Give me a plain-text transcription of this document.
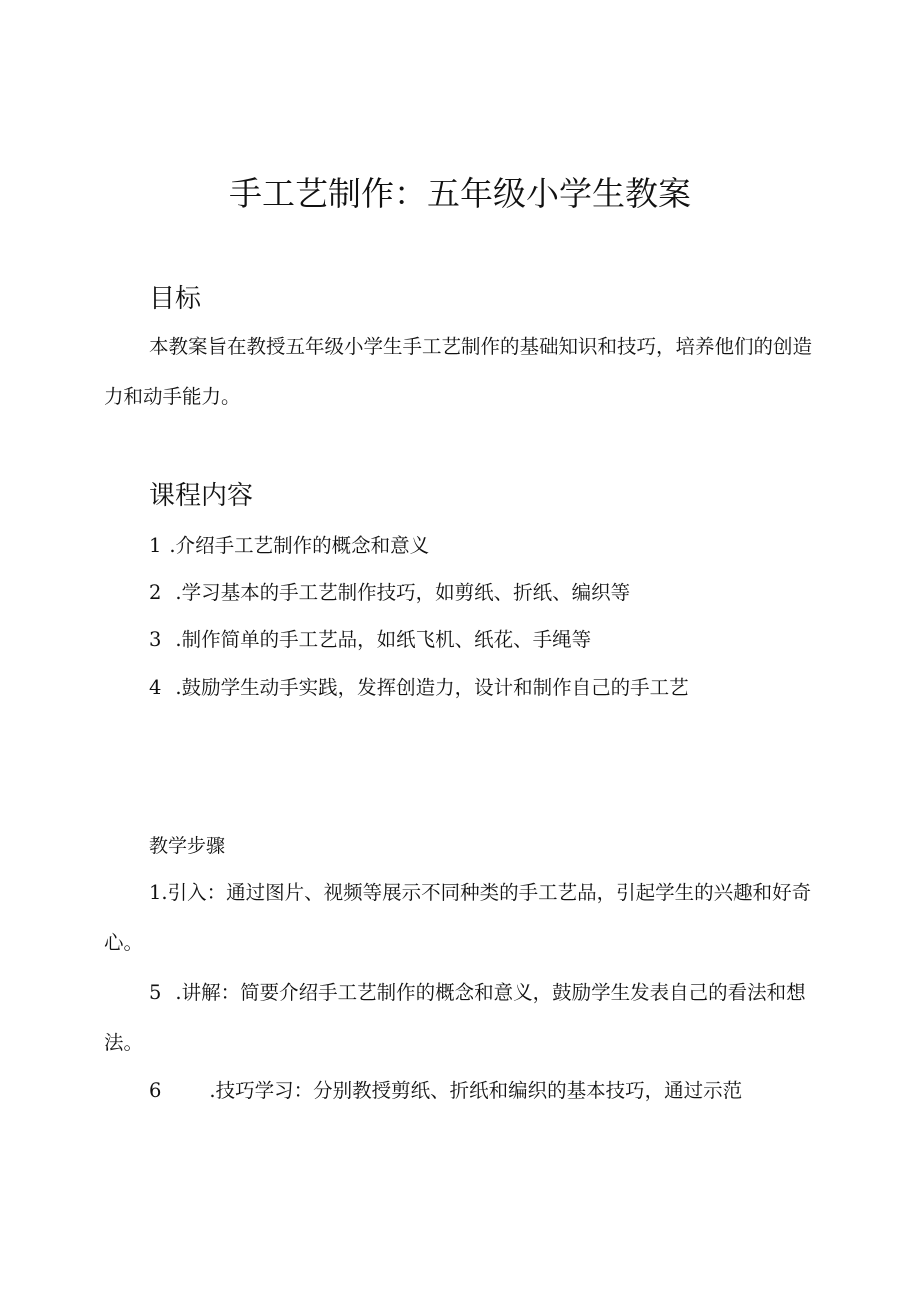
手工艺制作：五年级小学生教案
目标
本教案旨在教授五年级小学生手工艺制作的基础知识和技巧，培养他们的创造力和动手能力。
课程内容
1 .介绍手工艺制作的概念和意义
2 .学习基本的手工艺制作技巧，如剪纸、折纸、编织等
3 .制作简单的手工艺品，如纸飞机、纸花、手绳等
4 .鼓励学生动手实践，发挥创造力，设计和制作自己的手工艺
教学步骤
1.引入：通过图片、视频等展示不同种类的手工艺品，引起学生的兴趣和好奇心。
5 .讲解：简要介绍手工艺制作的概念和意义，鼓励学生发表自己的看法和想法。
6 .技巧学习：分别教授剪纸、折纸和编织的基本技巧，通过示范
